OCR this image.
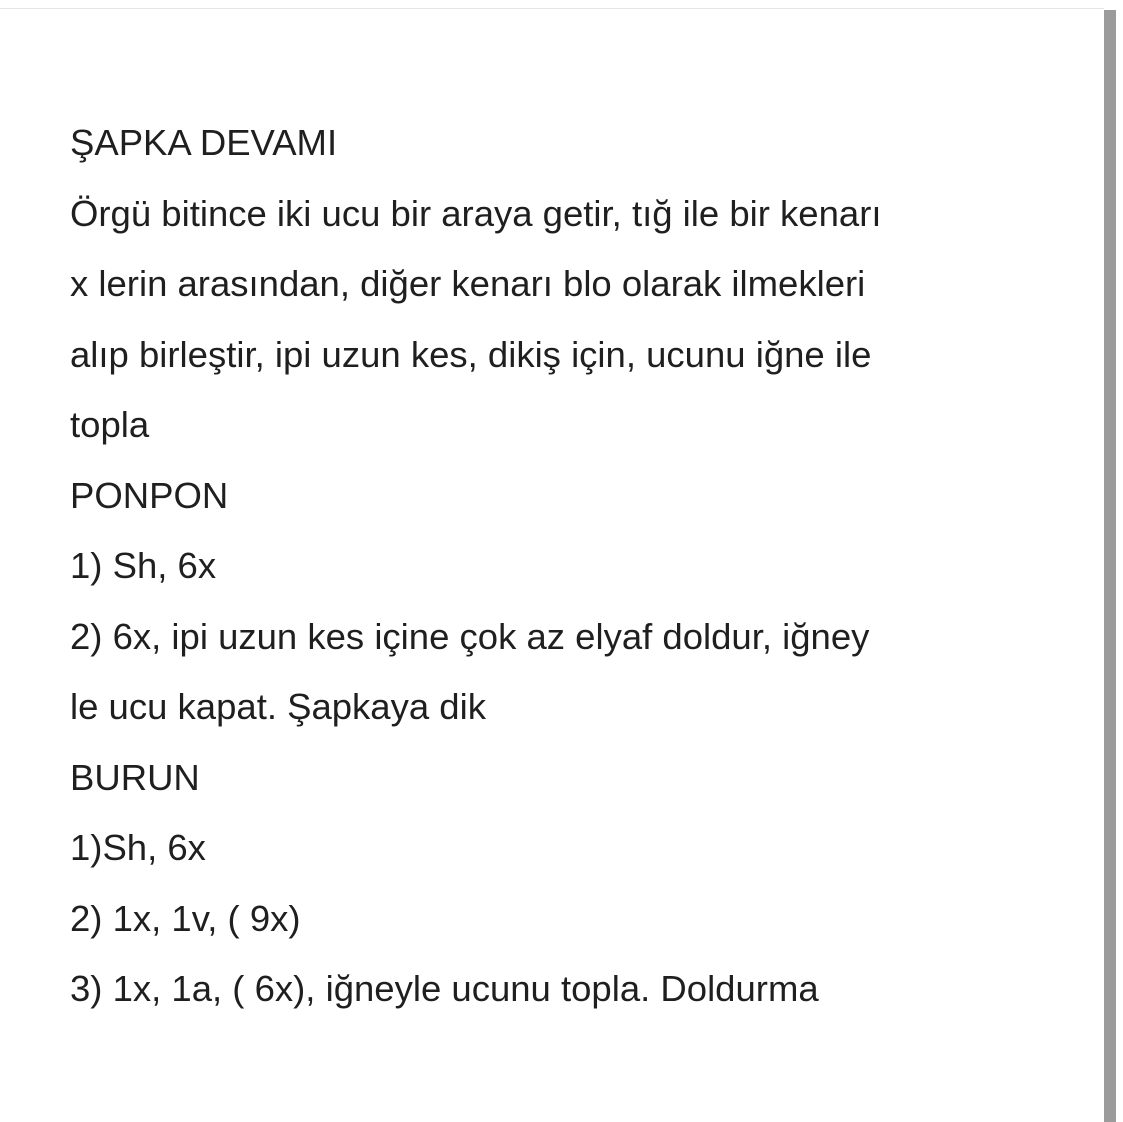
ŞAPKA DEVAMI
Örgü bitince iki ucu bir araya getir, tığ ile bir kenarı
x lerin arasından, diğer kenarı blo olarak ilmekleri
alıp birleştir, ipi uzun kes, dikiş için, ucunu iğne ile
topla
PONPON
1) Sh, 6x
2) 6x, ipi uzun kes içine çok az elyaf doldur, iğney
le ucu kapat. Şapkaya dik
BURUN
1)Sh, 6x
2) 1x, 1v, ( 9x)
3) 1x, 1a, ( 6x), iğneyle ucunu topla. Doldurma
